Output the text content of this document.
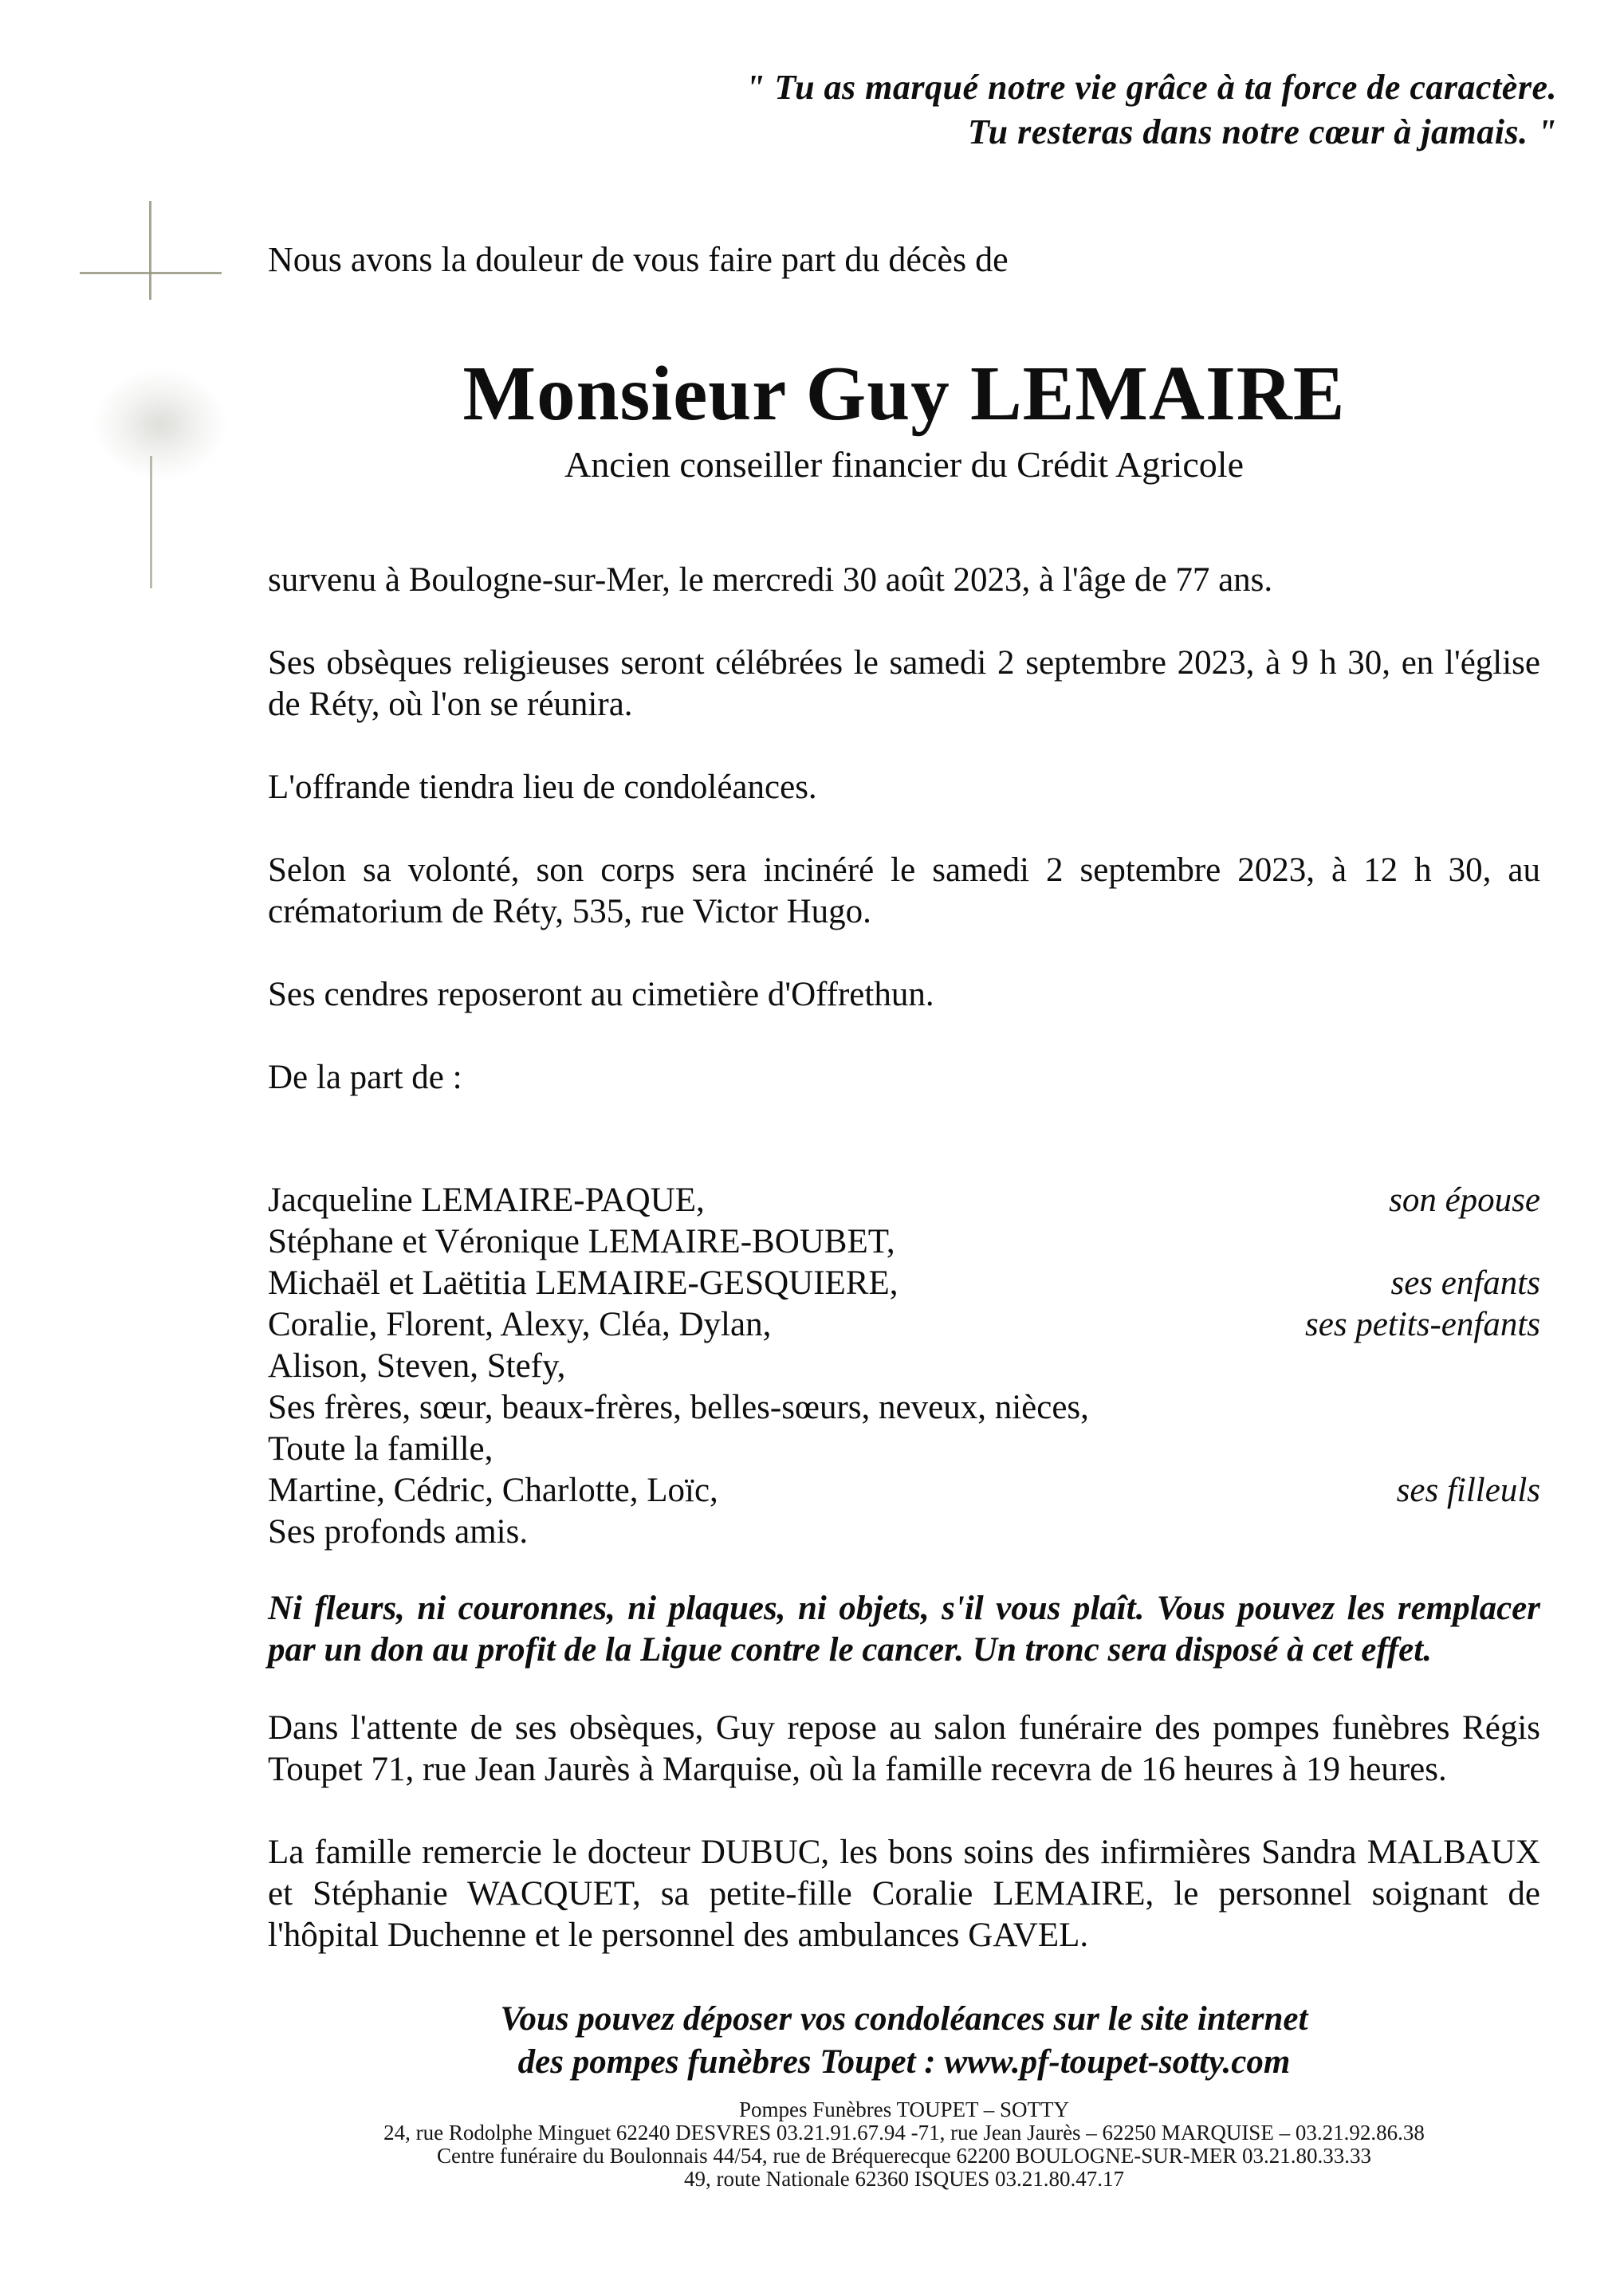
" Tu as marqué notre vie grâce à ta force de caractère.
Tu resteras dans notre cœur à jamais. "
Nous avons la douleur de vous faire part du décès de
Monsieur Guy LEMAIRE
Ancien conseiller financier du Crédit Agricole

survenu à Boulogne-sur-Mer, le mercredi 30 août 2023, à l'âge de 77 ans.

Ses obsèques religieuses seront célébrées le samedi 2 septembre 2023, à 9 h 30, en l'église de Réty, où l'on se réunira.

L'offrande tiendra lieu de condoléances.

Selon sa volonté, son corps sera incinéré le samedi 2 septembre 2023, à 12 h 30, au crématorium de Réty, 535, rue Victor Hugo.

Ses cendres reposeront au cimetière d'Offrethun.

De la part de :

Jacqueline LEMAIRE-PAQUE,	son épouse
Stéphane et Véronique LEMAIRE-BOUBET,
Michaël et Laëtitia LEMAIRE-GESQUIERE,	ses enfants
Coralie, Florent, Alexy, Cléa, Dylan,	ses petits-enfants
Alison, Steven, Stefy,
Ses frères, sœur, beaux-frères, belles-sœurs, neveux, nièces,
Toute la famille,
Martine, Cédric, Charlotte, Loïc,	ses filleuls
Ses profonds amis.

Ni fleurs, ni couronnes, ni plaques, ni objets, s'il vous plaît. Vous pouvez les remplacer par un don au profit de la Ligue contre le cancer. Un tronc sera disposé à cet effet.

Dans l'attente de ses obsèques, Guy repose au salon funéraire des pompes funèbres Régis Toupet 71, rue Jean Jaurès à Marquise, où la famille recevra de 16 heures à 19 heures.

La famille remercie le docteur DUBUC, les bons soins des infirmières Sandra MALBAUX et Stéphanie WACQUET, sa petite-fille Coralie LEMAIRE, le personnel soignant de l'hôpital Duchenne et le personnel des ambulances GAVEL.

Vous pouvez déposer vos condoléances sur le site internet
des pompes funèbres Toupet : www.pf-toupet-sotty.com
Pompes Funèbres TOUPET – SOTTY
24, rue Rodolphe Minguet 62240 DESVRES 03.21.91.67.94 -71, rue Jean Jaurès – 62250 MARQUISE – 03.21.92.86.38
Centre funéraire du Boulonnais 44/54, rue de Bréquerecque 62200 BOULOGNE-SUR-MER 03.21.80.33.33
49, route Nationale 62360 ISQUES 03.21.80.47.17
